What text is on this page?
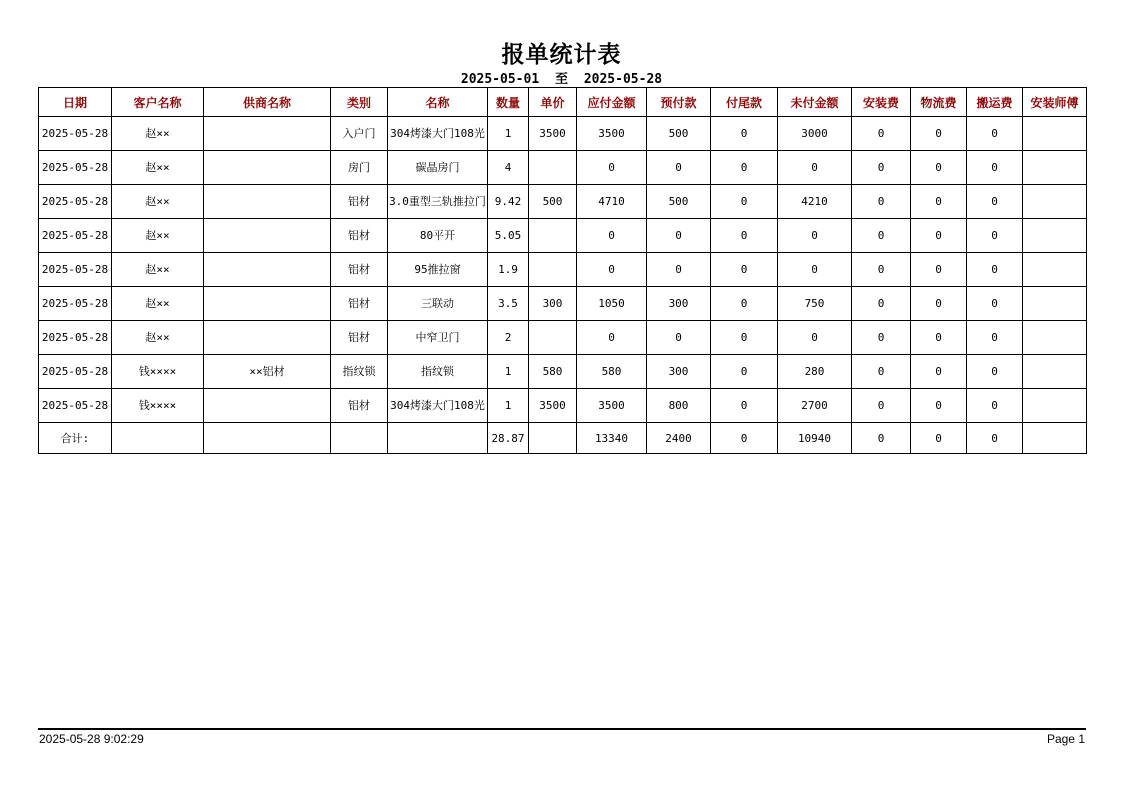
报单统计表
2025-05-01 至 2025-05-28
日期	客户名称	供商名称	类别	名称	数量	单价	应付金额	预付款	付尾款	未付金额	安装费	物流费	搬运费	安装师傅
2025-05-28	赵××		入户门	304烤漆大门108光	1	3500	3500	500	0	3000	0	0	0	
2025-05-28	赵××		房门	碳晶房门	4		0	0	0	0	0	0	0	
2025-05-28	赵××		铝材	3.0重型三轨推拉门	9.42	500	4710	500	0	4210	0	0	0	
2025-05-28	赵××		铝材	80平开	5.05		0	0	0	0	0	0	0	
2025-05-28	赵××		铝材	95推拉窗	1.9		0	0	0	0	0	0	0	
2025-05-28	赵××		铝材	三联动	3.5	300	1050	300	0	750	0	0	0	
2025-05-28	赵××		铝材	中窄卫门	2		0	0	0	0	0	0	0	
2025-05-28	钱××××	××铝材	指纹锁	指纹锁	1	580	580	300	0	280	0	0	0	
2025-05-28	钱××××		铝材	304烤漆大门108光	1	3500	3500	800	0	2700	0	0	0	
合计:					28.87		13340	2400	0	10940	0	0	0	
2025-05-28 9:02:29	Page 1
